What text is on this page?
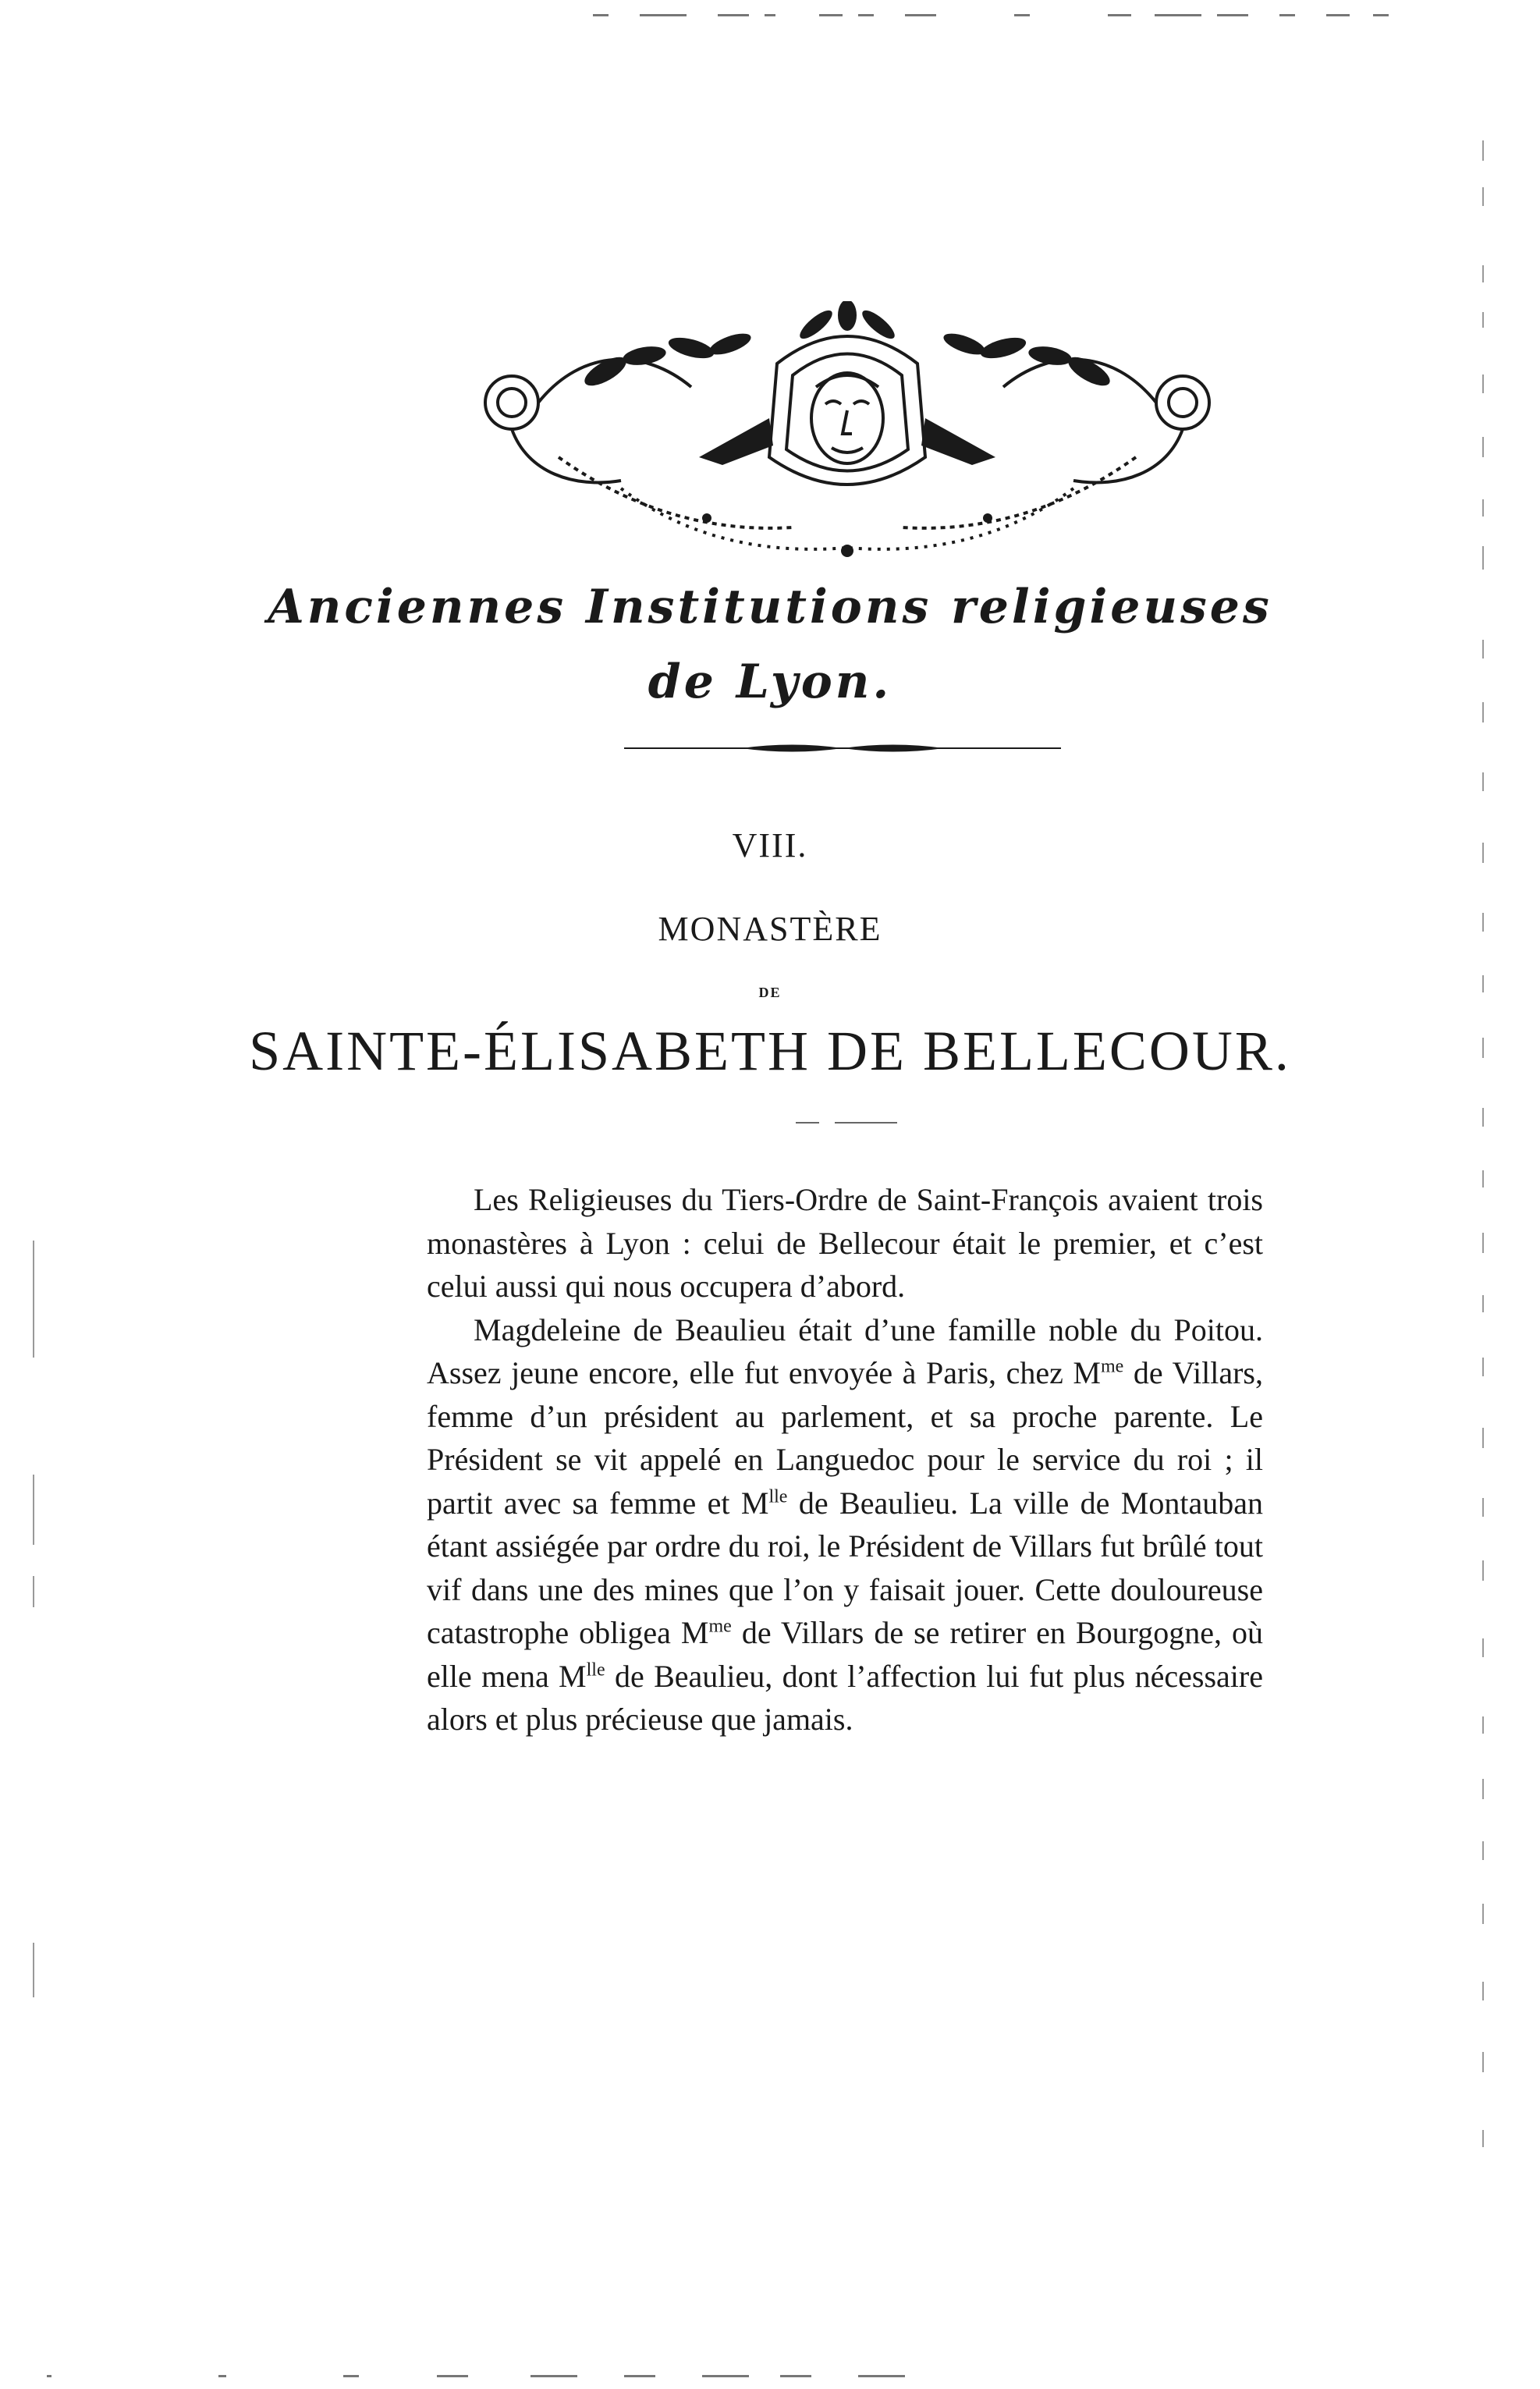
Anciennes Institutions religieuses
de Lyon.
VIII.
MONASTÈRE
DE
SAINTE-ÉLISABETH DE BELLECOUR.

Les Religieuses du Tiers-Ordre de Saint-François avaient trois monastères à Lyon : celui de Bellecour était le premier, et c’est celui aussi qui nous occupera d’abord.

Magdeleine de Beaulieu était d’une famille noble du Poitou. Assez jeune encore, elle fut envoyée à Paris, chez $M^{me}$ de Villars, femme d’un président au parlement, et sa proche parente. Le Président se vit appelé en Languedoc pour le service du roi ; il partit avec sa femme et $M^{lle}$ de Beaulieu. La ville de Montauban étant assiégée par ordre du roi, le Président de Villars fut brûlé tout vif dans une des mines que l’on y faisait jouer. Cette douloureuse catastrophe obligea $M^{me}$ de Villars de se retirer en Bourgogne, où elle mena $M^{lle}$ de Beaulieu, dont l’affection lui fut plus nécessaire alors et plus précieuse que jamais.
